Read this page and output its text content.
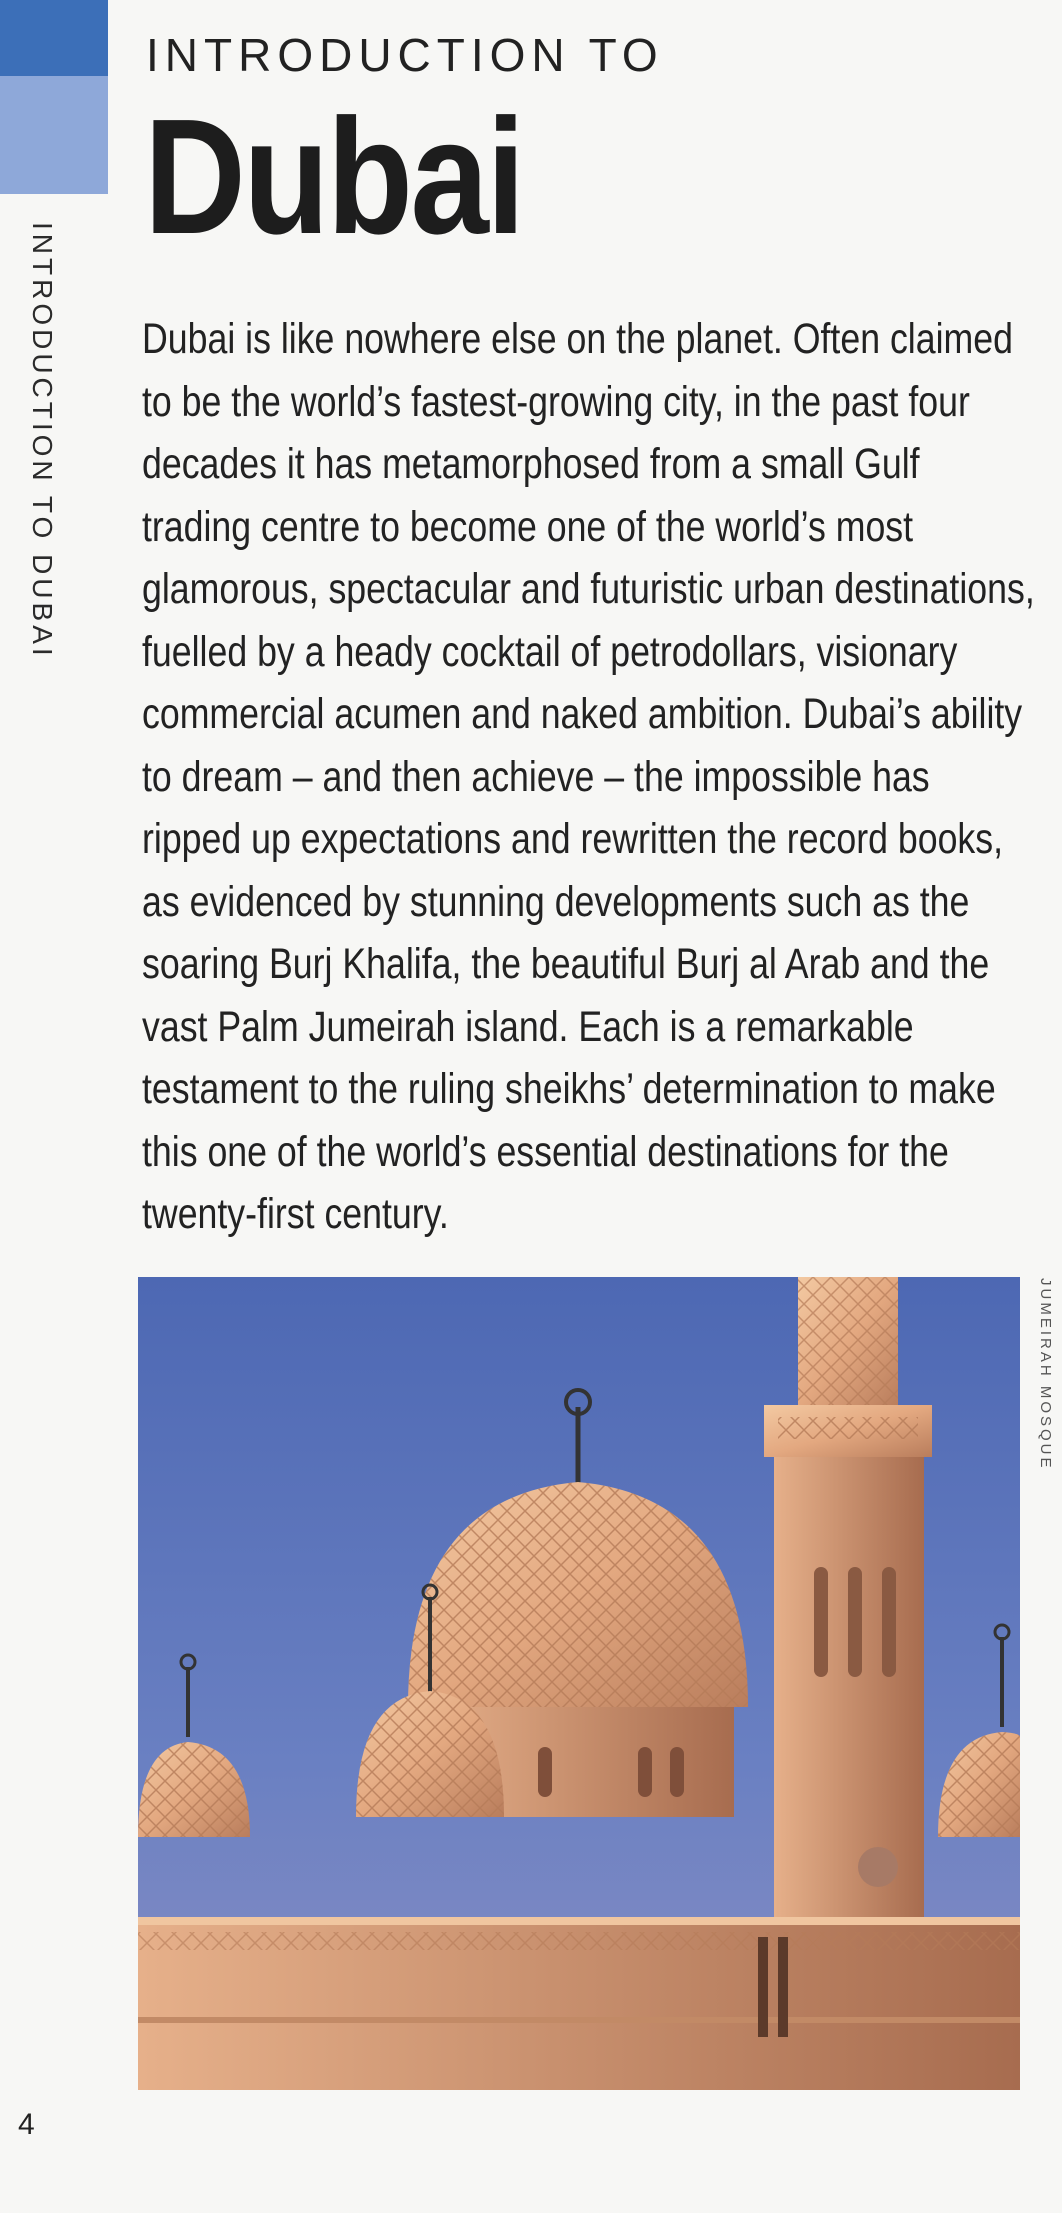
INTRODUCTION TO DUBAI
INTRODUCTION TO
Dubai

Dubai is like nowhere else on the planet. Often claimed to be the world’s fastest-growing city, in the past four decades it has metamorphosed from a small Gulf trading centre to become one of the world’s most glamorous, spectacular and futuristic urban destinations, fuelled by a heady cocktail of petrodollars, visionary commercial acumen and naked ambition. Dubai’s ability to dream – and then achieve – the impossible has ripped up expectations and rewritten the record books, as evidenced by stunning developments such as the soaring Burj Khalifa, the beautiful Burj al Arab and the vast Palm Jumeirah island. Each is a remarkable testament to the ruling sheikhs’ determination to make this one of the world’s essential destinations for the twenty-first century.

JUMEIRAH MOSQUE
4
